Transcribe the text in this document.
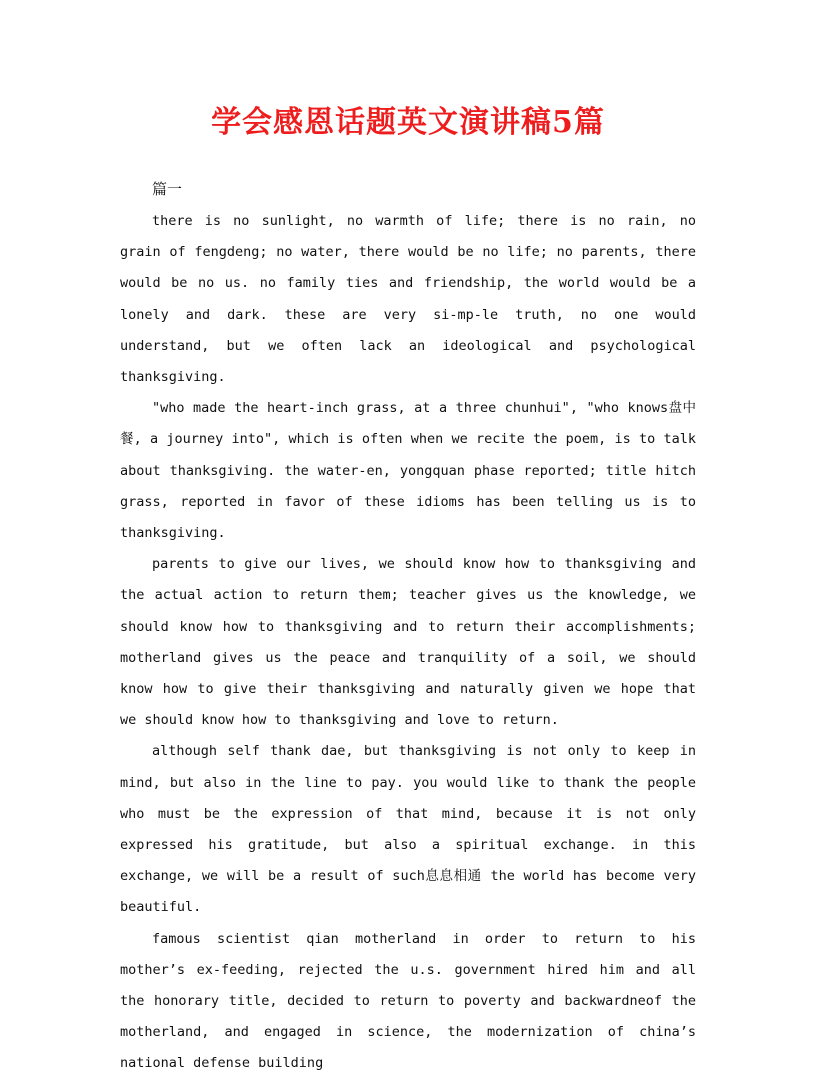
学会感恩话题英文演讲稿5篇
篇一

there is no sunlight, no warmth of life; there is no rain, no grain of fengdeng; no water, there would be no life; no parents, there would be no us. no family ties and friendship, the world would be a lonely and dark. these are very si-mp-le truth, no one would understand, but we often lack an ideological and psychological thanksgiving.

"who made the heart-inch grass, at a three chunhui", "who knows盘中餐, a journey into", which is often when we recite the poem, is to talk about thanksgiving. the water-en, yongquan phase reported; title hitch grass, reported in favor of these idioms has been telling us is to thanksgiving.

parents to give our lives, we should know how to thanksgiving and the actual action to return them; teacher gives us the knowledge, we should know how to thanksgiving and to return their accomplishments; motherland gives us the peace and tranquility of a soil, we should know how to give their thanksgiving and naturally given we hope that we should know how to thanksgiving and love to return.

although self thank dae, but thanksgiving is not only to keep in mind, but also in the line to pay. you would like to thank the people who must be the expression of that mind, because it is not only expressed his gratitude, but also a spiritual exchange. in this exchange, we will be a result of such息息相通 the world has become very beautiful.

famous scientist qian motherland in order to return to his mother’s ex-feeding, rejected the u.s. government hired him and all the honorary title, decided to return to poverty and backwardneof the motherland, and engaged in science, the modernization of china’s national defense building
